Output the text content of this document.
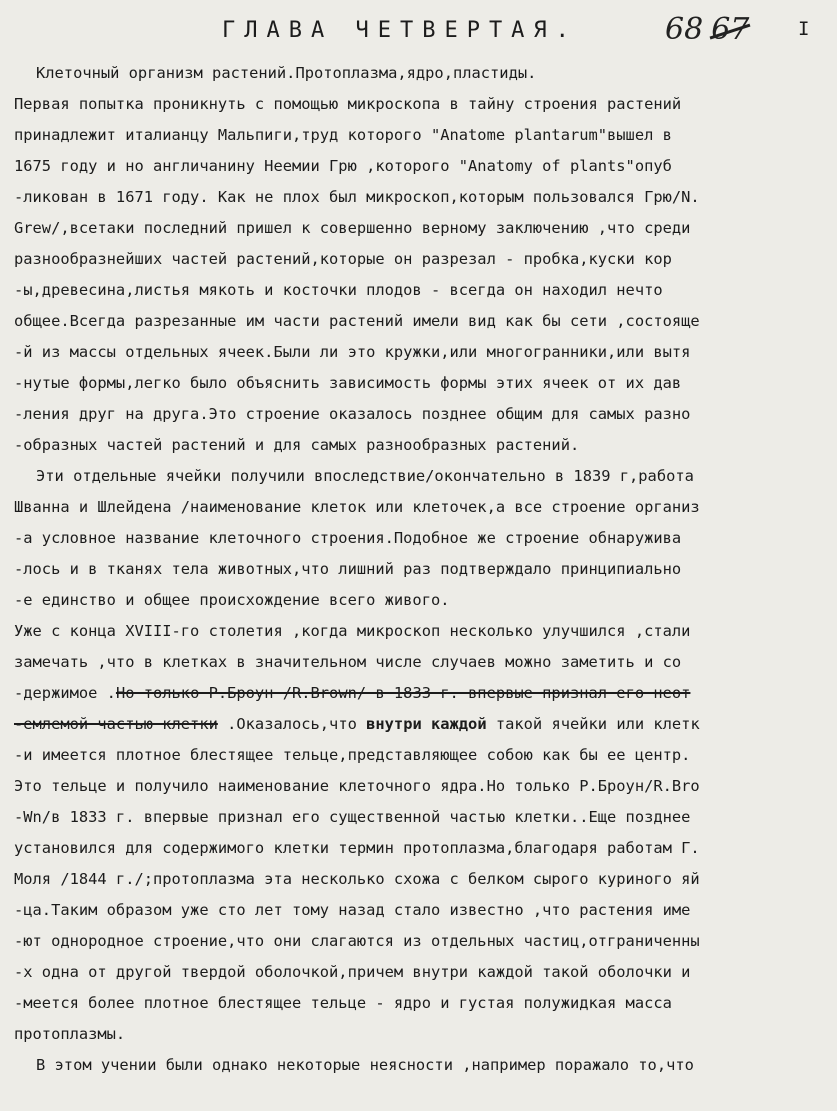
ГЛАВА ЧЕТВЕРТАЯ.	68 67	I
Клеточный организм растений.Протоплазма,ядро,пластиды.
Первая попытка проникнуть с помощью микроскопа в тайну строения растений
принадлежит италианцу Мальпиги,труд которого "Anatome plantarum"вышел в
1675 году и но англичанину Неемии Грю ,которого "Anatomy of plants"опуб
-ликован в 1671 году. Как не плох был микроскоп,которым пользовался Грю/N.
Grew/,всетаки последний пришел к совершенно верному заключению ,что среди
разнообразнейших частей растений,которые он разрезал - пробка,куски кор
-ы,древесина,листья мякоть и косточки плодов - всегда он находил нечто
общее.Всегда разрезанные им части растений имели вид как бы сети ,состояще
-й из массы отдельных ячеек.Были ли это кружки,или многогранники,или вытя
-нутые формы,легко было объяснить зависимость формы этих ячеек от их дав
-ления друг на друга.Это строение оказалось позднее общим для самых разно
-образных частей растений и для самых разнообразных растений.
Эти отдельные ячейки получили впоследствие/окончательно в 1839 г,работа
Шванна и Шлейдена /наименование клеток или клеточек,а все строение организ
-а условное название клеточного строения.Подобное же строение обнаружива
-лось и в тканях тела животных,что лишний раз подтверждало принципиально
-е единство и общее происхождение всего живого.
Уже с конца XVIII-го столетия ,когда микроскоп несколько улучшился ,стали
замечать ,что в клетках в значительном числе случаев можно заметить и со
-держимое .Но только Р.Броун /R.Brown/ в 1833 г. впервые признал его неот
-емлемой частью клетки .Оказалось,что внутри каждой такой ячейки или клетк
-и имеется плотное блестящее тельце,представляющее собою как бы ее центр.
Это тельце и получило наименование клеточного ядра.Но только Р.Броун/R.Bro
-Wn/в 1833 г. впервые признал его существенной частью клетки..Еще позднее
установился для содержимого клетки термин протоплазма,благодаря работам Г.
Моля /1844 г./;протоплазма эта несколько схожа с белком сырого куриного яй
-ца.Таким образом уже сто лет тому назад стало известно ,что растения име
-ют однородное строение,что они слагаются из отдельных частиц,отграниченны
-х одна от другой твердой оболочкой,причем внутри каждой такой оболочки и
-меется более плотное блестящее тельце - ядро и густая полужидкая масса
протоплазмы.
В этом учении были однако некоторые неясности ,например поражало то,что
